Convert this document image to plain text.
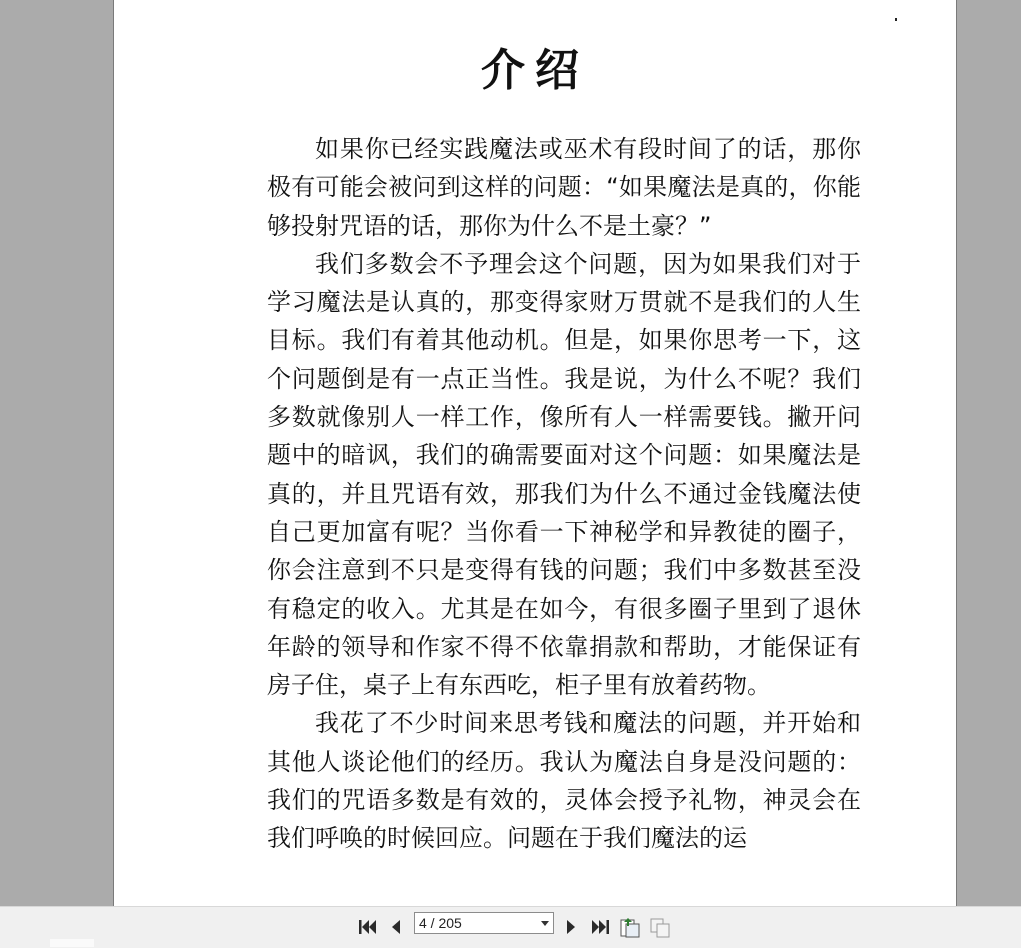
介绍

如果你已经实践魔法或巫术有段时间了的话，那你极有可能会被问到这样的问题：“如果魔法是真的，你能够投射咒语的话，那你为什么不是土豪？”

我们多数会不予理会这个问题，因为如果我们对于学习魔法是认真的，那变得家财万贯就不是我们的人生目标。我们有着其他动机。但是，如果你思考一下，这个问题倒是有一点正当性。我是说，为什么不呢？我们多数就像别人一样工作，像所有人一样需要钱。撇开问题中的暗讽，我们的确需要面对这个问题：如果魔法是真的，并且咒语有效，那我们为什么不通过金钱魔法使自己更加富有呢？当你看一下神秘学和异教徒的圈子，你会注意到不只是变得有钱的问题；我们中多数甚至没有稳定的收入。尤其是在如今，有很多圈子里到了退休年龄的领导和作家不得不依靠捐款和帮助，才能保证有房子住，桌子上有东西吃，柜子里有放着药物。

我花了不少时间来思考钱和魔法的问题，并开始和其他人谈论他们的经历。我认为魔法自身是没问题的：我们的咒语多数是有效的，灵体会授予礼物，神灵会在我们呼唤的时候回应。问题在于我们魔法的运

4 / 205
